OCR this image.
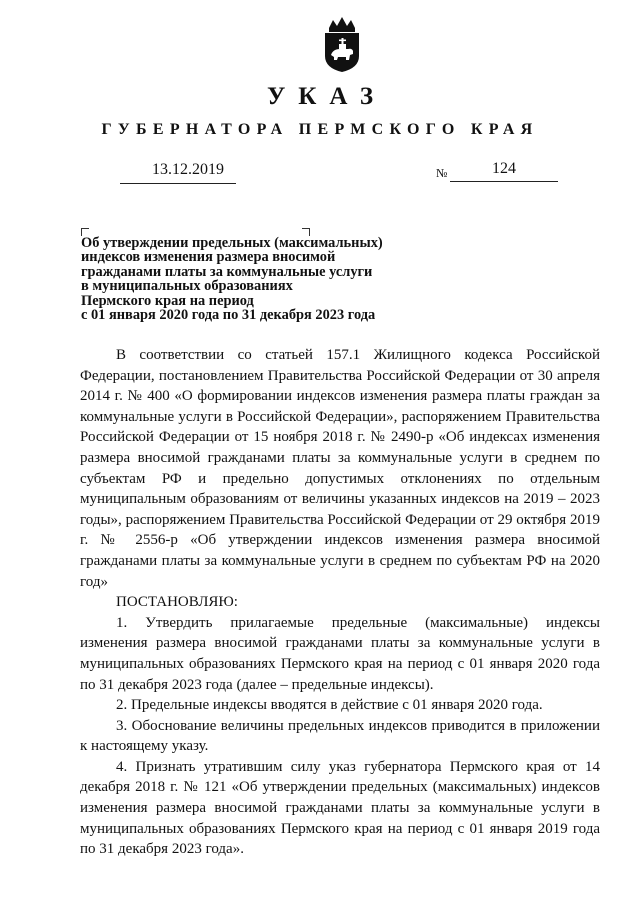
УКАЗ
ГУБЕРНАТОРА ПЕРМСКОГО КРАЯ
13.12.2019	№	124
Об утверждении предельных (максимальных)
индексов изменения размера вносимой
гражданами платы за коммунальные услуги
в муниципальных образованиях
Пермского края на период
с 01 января 2020 года по 31 декабря 2023 года

В соответствии со статьей 157.1 Жилищного кодекса Российской Федерации, постановлением Правительства Российской Федерации от 30 апреля 2014 г. № 400 «О формировании индексов изменения размера платы граждан за коммунальные услуги в Российской Федерации», распоряжением Правительства Российской Федерации от 15 ноября 2018 г. № 2490-р «Об индексах изменения размера вносимой гражданами платы за коммунальные услуги в среднем по субъектам РФ и предельно допустимых отклонениях по отдельным муниципальным образованиям от величины указанных индексов на 2019 – 2023 годы», распоряжением Правительства Российской Федерации от 29 октября 2019 г. № 2556-р «Об утверждении индексов изменения размера вносимой гражданами платы за коммунальные услуги в среднем по субъектам РФ на 2020 год»

ПОСТАНОВЛЯЮ:

1. Утвердить прилагаемые предельные (максимальные) индексы изменения размера вносимой гражданами платы за коммунальные услуги в муниципальных образованиях Пермского края на период с 01 января 2020 года по 31 декабря 2023 года (далее – предельные индексы).

2. Предельные индексы вводятся в действие с 01 января 2020 года.

3. Обоснование величины предельных индексов приводится в приложении к настоящему указу.

4. Признать утратившим силу указ губернатора Пермского края от 14 декабря 2018 г. № 121 «Об утверждении предельных (максимальных) индексов изменения размера вносимой гражданами платы за коммунальные услуги в муниципальных образованиях Пермского края на период с 01 января 2019 года по 31 декабря 2023 года».
